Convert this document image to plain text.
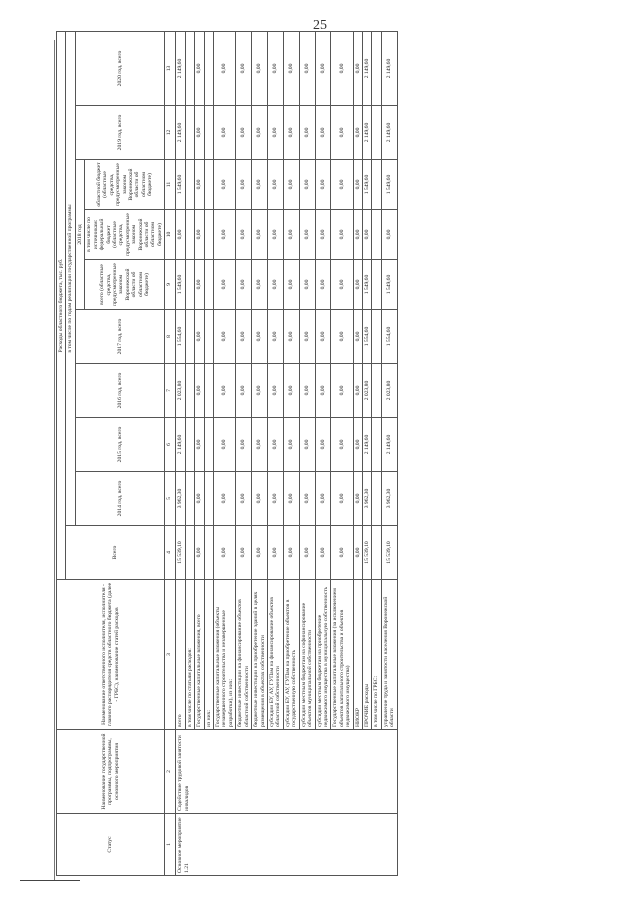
25
Статус	Наименование государственной программы, подпрограммы, основного мероприятия	Наименование ответственного исполнителя, исполнителя - главного распорядителя средств областного бюджета (далее - ГРБС), наименование статей расходов	Расходы областного бюджета, тыс. руб.									
			Всего	в том числе по годам реализации государственной программы								
				2014 год, всего	2015 год, всего	2016 год, всего	2017 год, всего	2018 год			2019 год, всего	2020 год, всего
								всего (областные средства, предусмотренные законом Воронежской области об областном бюджете)	в том числе по источникам:
федеральный бюджет (областные средства, предусмотренные законом Воронежской области об областном бюджете)	областной бюджет (областные средства, предусмотренные законом Воронежской области об областном бюджете)		
1	2	3	4	5	6	7	8	9	10	11	12	13
Основное мероприятие 1.21	Содействие трудовой занятости инвалидов	всего	15 539,10	3 962,30	2 149,60	2 023,80	1 554,60	1 549,60	0,00	1 549,60	2 149,60	2 149,60
		в том числе по статьям расходов:										
		Государственные капитальные вложения, всего	0,00	0,00	0,00	0,00	0,00	0,00	0,00	0,00	0,00	0,00
		из них:										
		Государственные капитальные вложения (объекты незавершенного строительства и незавершенные разработки), из них:	0,00	0,00	0,00	0,00	0,00	0,00	0,00	0,00	0,00	0,00
		бюджетные инвестиции на финансирование объектов областной собственности	0,00	0,00	0,00	0,00	0,00	0,00	0,00	0,00	0,00	0,00
		бюджетные инвестиции на приобретение зданий в целях размещения в объектах собственности	0,00	0,00	0,00	0,00	0,00	0,00	0,00	0,00	0,00	0,00
		субсидии БУ, АУ, ГУПам на финансирование объектов областной собственности	0,00	0,00	0,00	0,00	0,00	0,00	0,00	0,00	0,00	0,00
		субсидии БУ, АУ, ГУПам на приобретение объектов в государственную собственность	0,00	0,00	0,00	0,00	0,00	0,00	0,00	0,00	0,00	0,00
		субсидии местным бюджетам на софинансирование объектов муниципальной собственности	0,00	0,00	0,00	0,00	0,00	0,00	0,00	0,00	0,00	0,00
		субсидии местным бюджетам на приобретение недвижимого имущества в муниципальную собственность	0,00	0,00	0,00	0,00	0,00	0,00	0,00	0,00	0,00	0,00
		Государственные капитальные вложения (за исключением объектов капитального строительства и объектов недвижимого имущества)	0,00	0,00	0,00	0,00	0,00	0,00	0,00	0,00	0,00	0,00
		НИОКР	0,00	0,00	0,00	0,00	0,00	0,00	0,00	0,00	0,00	0,00
		ПРОЧИЕ расходы	15 539,10	3 962,30	2 149,60	2 023,80	1 554,60	1 549,60	0,00	1 549,60	2 149,60	2 149,60
		в том числе по ГРБС:										
		управление труда и занятости населения Воронежской области	15 539,10	3 962,30	2 149,60	2 023,80	1 554,60	1 549,60	0,00	1 549,60	2 149,60	2 149,60
